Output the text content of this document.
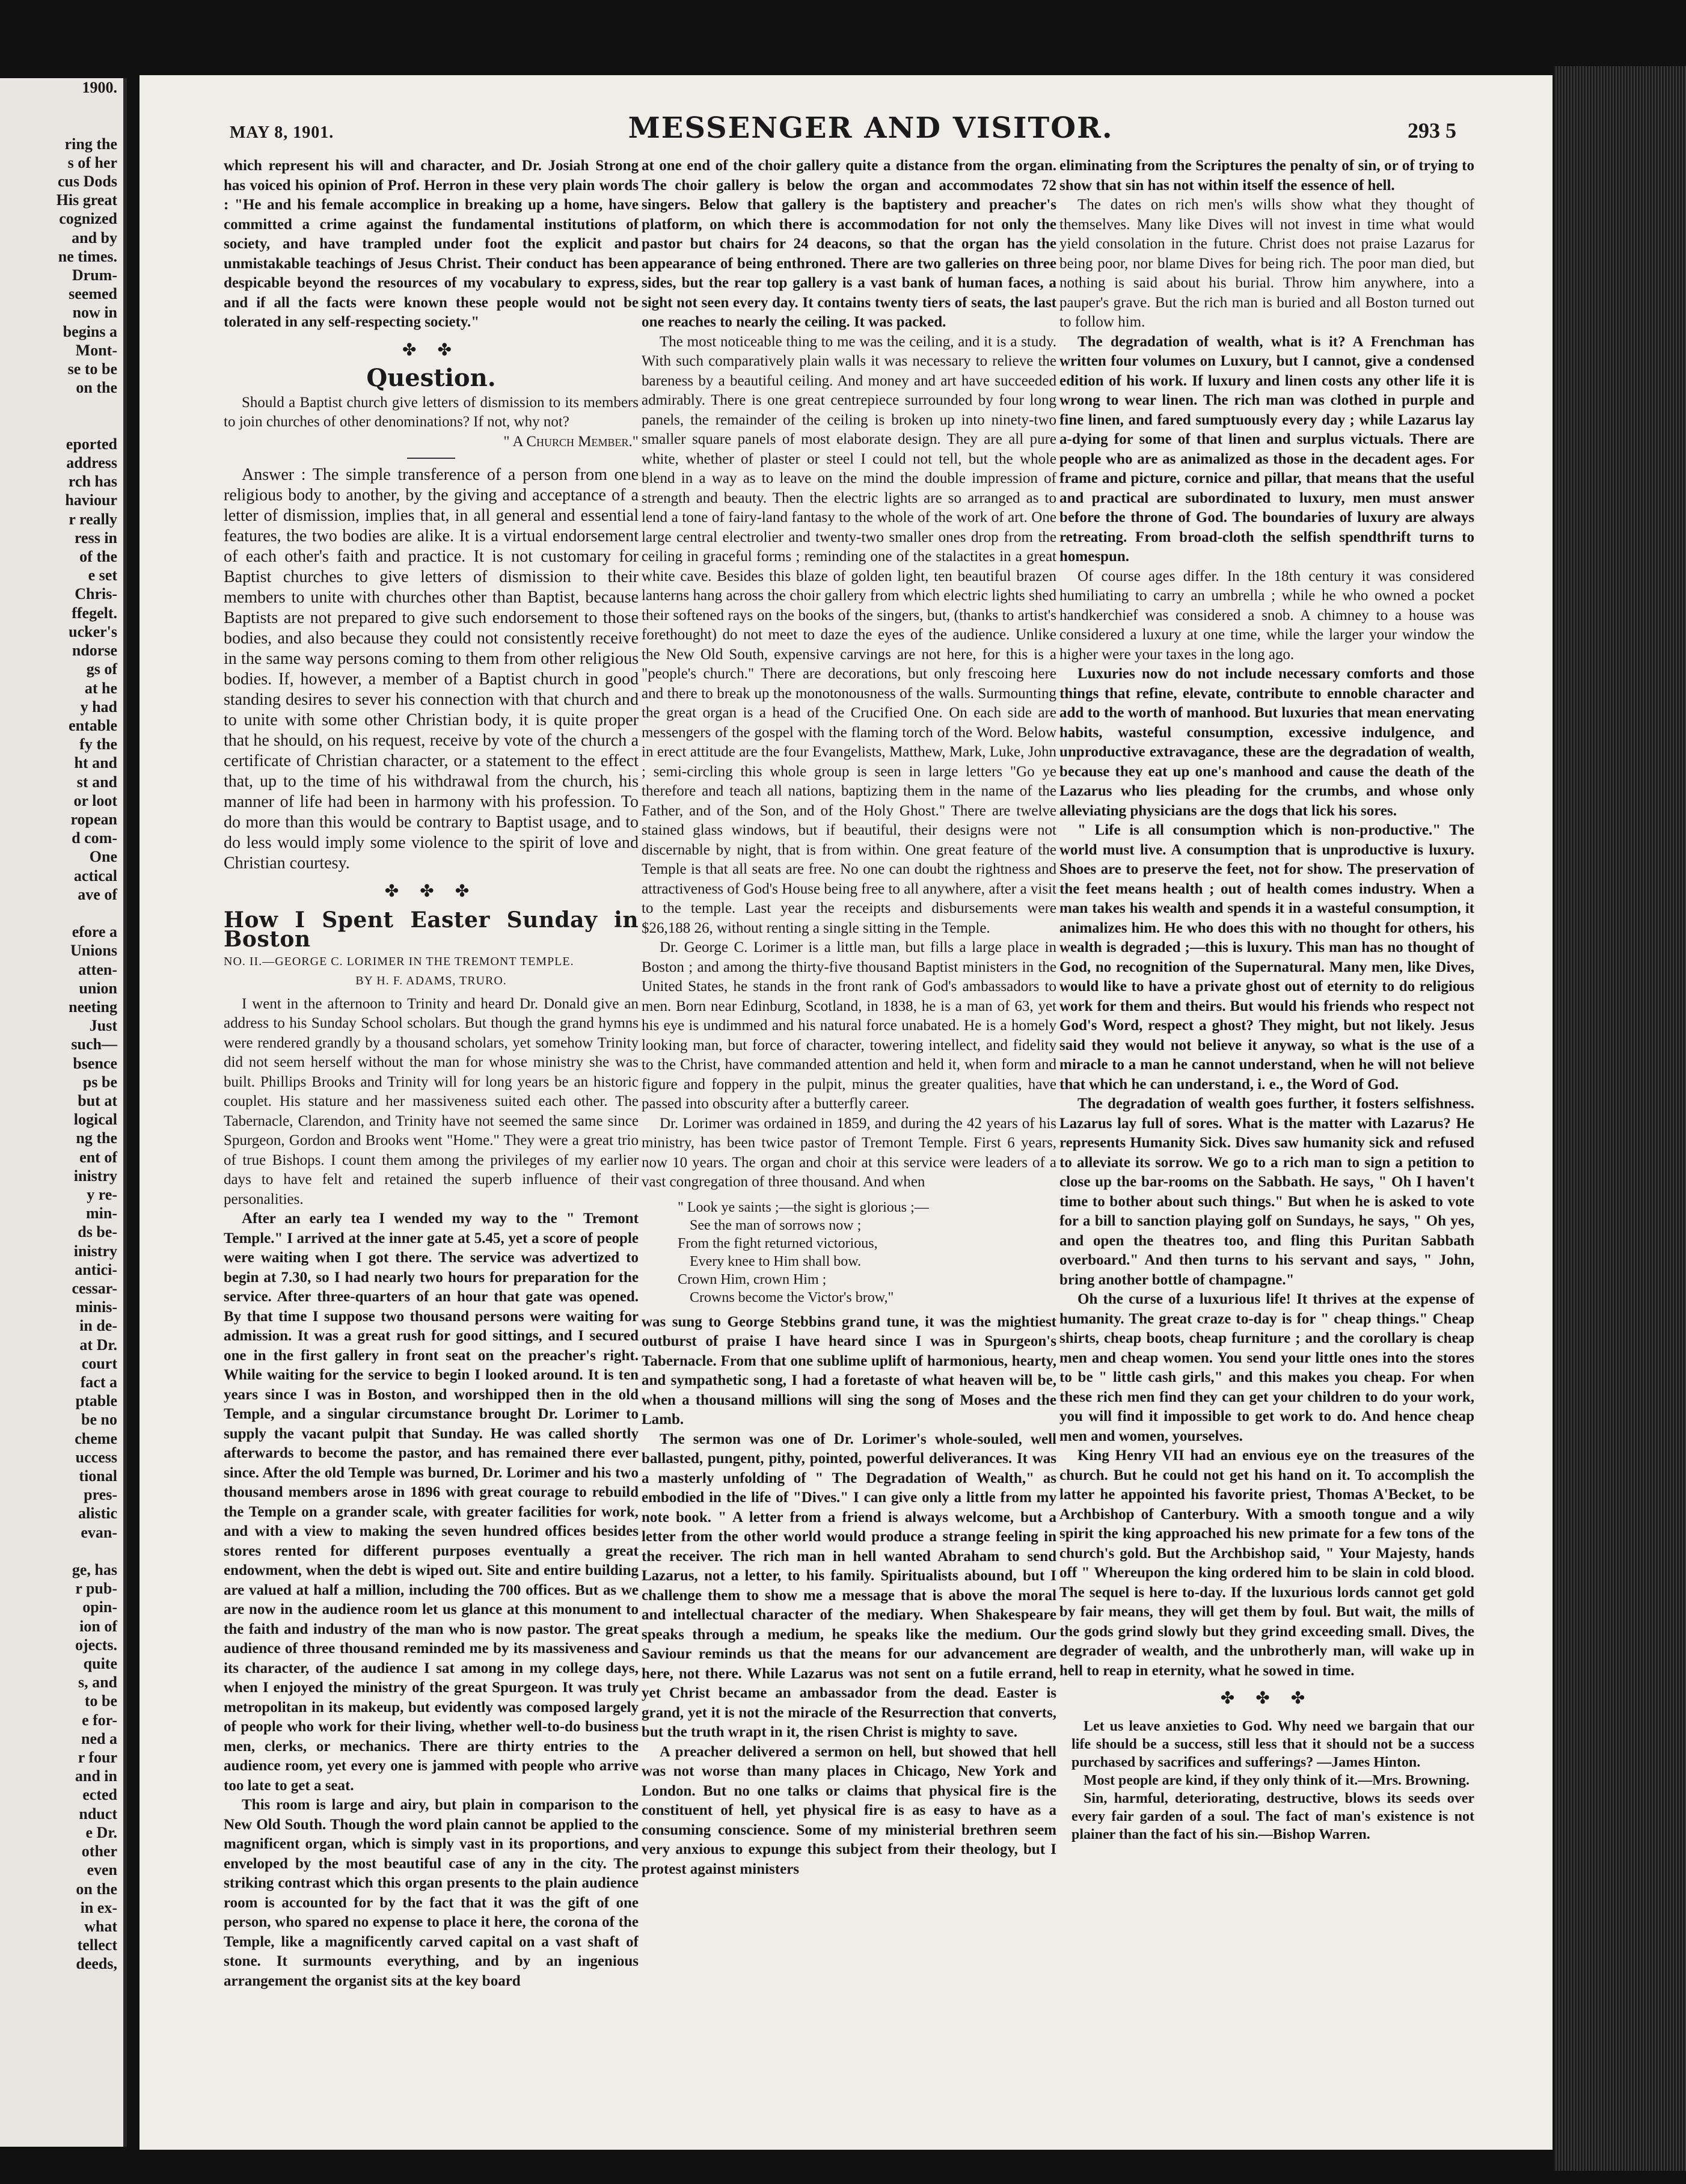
1900.

ring the
s of her
cus Dods
His great
cognized
and by
ne times.
Drum-
seemed
now in
begins a
Mont-
se to be
on the

eported
address
rch has
haviour
r really
ress in
of the
e set
Chris-
ffegelt.
ucker's
ndorse
gs of
at he
y had
entable
fy the
ht and
st and
or loot
ropean
d com-
One
actical
ave of

efore a
Unions
atten-
union
neeting
Just
such—
bsence
ps be
but at
logical
ng the
ent of
inistry
y re-
min-
ds be-
inistry
antici-
cessar-
minis-
in de-
at Dr.
court
fact a
ptable
be no
cheme
uccess
tional
pres-
alistic
evan-

ge, has
r pub-
opin-
ion of
ojects.
quite
s, and
to be
e for-
ned a
r four
and in
ected
nduct
e Dr.
other
even
on the
in ex-
what
tellect
deeds,
MAY 8, 1901.	MESSENGER AND VISITOR.	293 5

which represent his will and character, and Dr. Josiah Strong has voiced his opinion of Prof. Herron in these very plain words : "He and his female accomplice in breaking up a home, have committed a crime against the fundamental institutions of society, and have trampled under foot the explicit and unmistakable teachings of Jesus Christ. Their conduct has been despicable beyond the resources of my vocabulary to express, and if all the facts were known these people would not be tolerated in any self-respecting society."

✤ ✤
Question.

Should a Baptist church give letters of dismission to its members to join churches of other denominations? If not, why not?

" A Church Member."

Answer : The simple transference of a person from one religious body to another, by the giving and acceptance of a letter of dismission, implies that, in all general and essential features, the two bodies are alike. It is a virtual endorsement of each other's faith and practice. It is not customary for Baptist churches to give letters of dismission to their members to unite with churches other than Baptist, because Baptists are not prepared to give such endorsement to those bodies, and also because they could not consistently receive in the same way persons coming to them from other religious bodies. If, however, a member of a Baptist church in good standing desires to sever his connection with that church and to unite with some other Christian body, it is quite proper that he should, on his request, receive by vote of the church a certificate of Christian character, or a statement to the effect that, up to the time of his withdrawal from the church, his manner of life had been in harmony with his profession. To do more than this would be contrary to Baptist usage, and to do less would imply some violence to the spirit of love and Christian courtesy.

✤ ✤ ✤
How I Spent Easter Sunday in Boston
NO. II.—GEORGE C. LORIMER IN THE TREMONT TEMPLE.
BY H. F. ADAMS, TRURO.

I went in the afternoon to Trinity and heard Dr. Donald give an address to his Sunday School scholars. But though the grand hymns were rendered grandly by a thousand scholars, yet somehow Trinity did not seem herself without the man for whose ministry she was built. Phillips Brooks and Trinity will for long years be an historic couplet. His stature and her massiveness suited each other. The Tabernacle, Clarendon, and Trinity have not seemed the same since Spurgeon, Gordon and Brooks went "Home." They were a great trio of true Bishops. I count them among the privileges of my earlier days to have felt and retained the superb influence of their personalities.

After an early tea I wended my way to the " Tremont Temple." I arrived at the inner gate at 5.45, yet a score of people were waiting when I got there. The service was advertized to begin at 7.30, so I had nearly two hours for preparation for the service. After three-quarters of an hour that gate was opened. By that time I suppose two thousand persons were waiting for admission. It was a great rush for good sittings, and I secured one in the first gallery in front seat on the preacher's right. While waiting for the service to begin I looked around. It is ten years since I was in Boston, and worshipped then in the old Temple, and a singular circumstance brought Dr. Lorimer to supply the vacant pulpit that Sunday. He was called shortly afterwards to become the pastor, and has remained there ever since. After the old Temple was burned, Dr. Lorimer and his two thousand members arose in 1896 with great courage to rebuild the Temple on a grander scale, with greater facilities for work, and with a view to making the seven hundred offices besides stores rented for different purposes eventually a great endowment, when the debt is wiped out. Site and entire building are valued at half a million, including the 700 offices. But as we are now in the audience room let us glance at this monument to the faith and industry of the man who is now pastor. The great audience of three thousand reminded me by its massiveness and its character, of the audience I sat among in my college days, when I enjoyed the ministry of the great Spurgeon. It was truly metropolitan in its makeup, but evidently was composed largely of people who work for their living, whether well-to-do business men, clerks, or mechanics. There are thirty entries to the audience room, yet every one is jammed with people who arrive too late to get a seat.

This room is large and airy, but plain in comparison to the New Old South. Though the word plain cannot be applied to the magnificent organ, which is simply vast in its proportions, and enveloped by the most beautiful case of any in the city. The striking contrast which this organ presents to the plain audience room is accounted for by the fact that it was the gift of one person, who spared no expense to place it here, the corona of the Temple, like a magnificently carved capital on a vast shaft of stone. It surmounts everything, and by an ingenious arrangement the organist sits at the key board

at one end of the choir gallery quite a distance from the organ. The choir gallery is below the organ and accommodates 72 singers. Below that gallery is the baptistery and preacher's platform, on which there is accommodation for not only the pastor but chairs for 24 deacons, so that the organ has the appearance of being enthroned. There are two galleries on three sides, but the rear top gallery is a vast bank of human faces, a sight not seen every day. It contains twenty tiers of seats, the last one reaches to nearly the ceiling. It was packed.

The most noticeable thing to me was the ceiling, and it is a study. With such comparatively plain walls it was necessary to relieve the bareness by a beautiful ceiling. And money and art have succeeded admirably. There is one great centrepiece surrounded by four long panels, the remainder of the ceiling is broken up into ninety-two smaller square panels of most elaborate design. They are all pure white, whether of plaster or steel I could not tell, but the whole blend in a way as to leave on the mind the double impression of strength and beauty. Then the electric lights are so arranged as to lend a tone of fairy-land fantasy to the whole of the work of art. One large central electrolier and twenty-two smaller ones drop from the ceiling in graceful forms ; reminding one of the stalactites in a great white cave. Besides this blaze of golden light, ten beautiful brazen lanterns hang across the choir gallery from which electric lights shed their softened rays on the books of the singers, but, (thanks to artist's forethought) do not meet to daze the eyes of the audience. Unlike the New Old South, expensive carvings are not here, for this is a "people's church." There are decorations, but only frescoing here and there to break up the monotonousness of the walls. Surmounting the great organ is a head of the Crucified One. On each side are messengers of the gospel with the flaming torch of the Word. Below in erect attitude are the four Evangelists, Matthew, Mark, Luke, John ; semi-circling this whole group is seen in large letters "Go ye therefore and teach all nations, baptizing them in the name of the Father, and of the Son, and of the Holy Ghost." There are twelve stained glass windows, but if beautiful, their designs were not discernable by night, that is from within. One great feature of the Temple is that all seats are free. No one can doubt the rightness and attractiveness of God's House being free to all anywhere, after a visit to the temple. Last year the receipts and disbursements were $26,188 26, without renting a single sitting in the Temple.

Dr. George C. Lorimer is a little man, but fills a large place in Boston ; and among the thirty-five thousand Baptist ministers in the United States, he stands in the front rank of God's ambassadors to men. Born near Edinburg, Scotland, in 1838, he is a man of 63, yet his eye is undimmed and his natural force unabated. He is a homely looking man, but force of character, towering intellect, and fidelity to the Christ, have commanded attention and held it, when form and figure and foppery in the pulpit, minus the greater qualities, have passed into obscurity after a butterfly career.

Dr. Lorimer was ordained in 1859, and during the 42 years of his ministry, has been twice pastor of Tremont Temple. First 6 years, now 10 years. The organ and choir at this service were leaders of a vast congregation of three thousand. And when

" Look ye saints ;—the sight is glorious ;—
See the man of sorrows now ;
From the fight returned victorious,
Every knee to Him shall bow.
Crown Him, crown Him ;
Crowns become the Victor's brow,"

was sung to George Stebbins grand tune, it was the mightiest outburst of praise I have heard since I was in Spurgeon's Tabernacle. From that one sublime uplift of harmonious, hearty, and sympathetic song, I had a foretaste of what heaven will be, when a thousand millions will sing the song of Moses and the Lamb.

The sermon was one of Dr. Lorimer's whole-souled, well ballasted, pungent, pithy, pointed, powerful deliverances. It was a masterly unfolding of " The Degradation of Wealth," as embodied in the life of "Dives." I can give only a little from my note book. " A letter from a friend is always welcome, but a letter from the other world would produce a strange feeling in the receiver. The rich man in hell wanted Abraham to send Lazarus, not a letter, to his family. Spiritualists abound, but I challenge them to show me a message that is above the moral and intellectual character of the mediary. When Shakespeare speaks through a medium, he speaks like the medium. Our Saviour reminds us that the means for our advancement are here, not there. While Lazarus was not sent on a futile errand, yet Christ became an ambassador from the dead. Easter is grand, yet it is not the miracle of the Resurrection that converts, but the truth wrapt in it, the risen Christ is mighty to save.

A preacher delivered a sermon on hell, but showed that hell was not worse than many places in Chicago, New York and London. But no one talks or claims that physical fire is the constituent of hell, yet physical fire is as easy to have as a consuming conscience. Some of my ministerial brethren seem very anxious to expunge this subject from their theology, but I protest against ministers

eliminating from the Scriptures the penalty of sin, or of trying to show that sin has not within itself the essence of hell.

The dates on rich men's wills show what they thought of themselves. Many like Dives will not invest in time what would yield consolation in the future. Christ does not praise Lazarus for being poor, nor blame Dives for being rich. The poor man died, but nothing is said about his burial. Throw him anywhere, into a pauper's grave. But the rich man is buried and all Boston turned out to follow him.

The degradation of wealth, what is it? A Frenchman has written four volumes on Luxury, but I cannot, give a condensed edition of his work. If luxury and linen costs any other life it is wrong to wear linen. The rich man was clothed in purple and fine linen, and fared sumptuously every day ; while Lazarus lay a-dying for some of that linen and surplus victuals. There are people who are as animalized as those in the decadent ages. For frame and picture, cornice and pillar, that means that the useful and practical are subordinated to luxury, men must answer before the throne of God. The boundaries of luxury are always retreating. From broad-cloth the selfish spendthrift turns to homespun.

Of course ages differ. In the 18th century it was considered humiliating to carry an umbrella ; while he who owned a pocket handkerchief was considered a snob. A chimney to a house was considered a luxury at one time, while the larger your window the higher were your taxes in the long ago.

Luxuries now do not include necessary comforts and those things that refine, elevate, contribute to ennoble character and add to the worth of manhood. But luxuries that mean enervating habits, wasteful consumption, excessive indulgence, and unproductive extravagance, these are the degradation of wealth, because they eat up one's manhood and cause the death of the Lazarus who lies pleading for the crumbs, and whose only alleviating physicians are the dogs that lick his sores.

" Life is all consumption which is non-productive." The world must live. A consumption that is unproductive is luxury. Shoes are to preserve the feet, not for show. The preservation of the feet means health ; out of health comes industry. When a man takes his wealth and spends it in a wasteful consumption, it animalizes him. He who does this with no thought for others, his wealth is degraded ;—this is luxury. This man has no thought of God, no recognition of the Supernatural. Many men, like Dives, would like to have a private ghost out of eternity to do religious work for them and theirs. But would his friends who respect not God's Word, respect a ghost? They might, but not likely. Jesus said they would not believe it anyway, so what is the use of a miracle to a man he cannot understand, when he will not believe that which he can understand, i. e., the Word of God.

The degradation of wealth goes further, it fosters selfishness. Lazarus lay full of sores. What is the matter with Lazarus? He represents Humanity Sick. Dives saw humanity sick and refused to alleviate its sorrow. We go to a rich man to sign a petition to close up the bar-rooms on the Sabbath. He says, " Oh I haven't time to bother about such things." But when he is asked to vote for a bill to sanction playing golf on Sundays, he says, " Oh yes, and open the theatres too, and fling this Puritan Sabbath overboard." And then turns to his servant and says, " John, bring another bottle of champagne."

Oh the curse of a luxurious life! It thrives at the expense of humanity. The great craze to-day is for " cheap things." Cheap shirts, cheap boots, cheap furniture ; and the corollary is cheap men and cheap women. You send your little ones into the stores to be " little cash girls," and this makes you cheap. For when these rich men find they can get your children to do your work, you will find it impossible to get work to do. And hence cheap men and women, yourselves.

King Henry VII had an envious eye on the treasures of the church. But he could not get his hand on it. To accomplish the latter he appointed his favorite priest, Thomas A'Becket, to be Archbishop of Canterbury. With a smooth tongue and a wily spirit the king approached his new primate for a few tons of the church's gold. But the Archbishop said, " Your Majesty, hands off " Whereupon the king ordered him to be slain in cold blood. The sequel is here to-day. If the luxurious lords cannot get gold by fair means, they will get them by foul. But wait, the mills of the gods grind slowly but they grind exceeding small. Dives, the degrader of wealth, and the unbrotherly man, will wake up in hell to reap in eternity, what he sowed in time.

✤ ✤ ✤

Let us leave anxieties to God. Why need we bargain that our life should be a success, still less that it should not be a success purchased by sacrifices and sufferings? —James Hinton.

Most people are kind, if they only think of it.—Mrs. Browning.

Sin, harmful, deteriorating, destructive, blows its seeds over every fair garden of a soul. The fact of man's existence is not plainer than the fact of his sin.—Bishop Warren.
